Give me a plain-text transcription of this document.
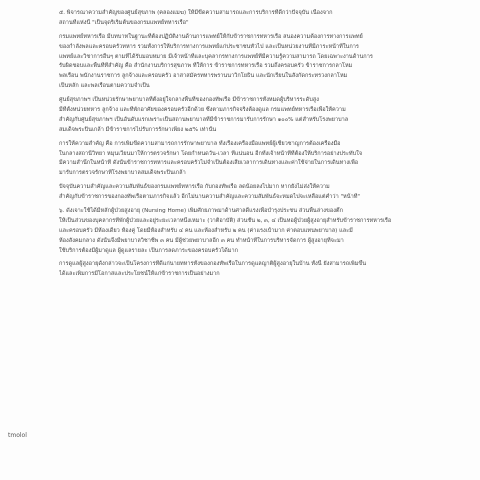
๕. พิจารณาความสำคัญของศูนย์สุขภาพ (คลองแมฆ) ให้มีขีดความสามารถและการบริการที่ดีกว่าปัจจุบัน เนื่องจาก
สถานที่แห่งนี้ "เป็นจุดริเริ่มต้นของกรมแพทย์ทหารเรือ"
กรมแพทย์ทหารเรือ มีบทบาทในฐานะที่ต้องปฏิบัติงานด้านการแพทย์ให้กับข้าราชการทหารเรือ สนองความต้องการทางการแพทย์
ของกำลังพลและครอบครัวทหาร รวมทั้งการให้บริการทางการแพทย์แก่ประชาชนทั่วไป และเป็นหน่วยงานที่มีภาระหน้าที่ในการ
แพทย์และวิชาการอื่นๆ ตามที่ได้รับมอบหมาย มีเจ้าหน้าที่และบุคลากรทางการแพทย์ที่มีความรู้ความสามารถ โดยเฉพาะงานด้านการ
รับผิดชอบและพื้นที่ที่สำคัญ คือ สำนักงานบริการสุขภาพ ที่ให้การ ข้าราชการทหารเรือ รวมถึงครอบครัว ข้าราชการกลาโหม
พลเรือน พนักงานราชการ ลูกจ้างและครอบครัว อาสาสมัครทหารพรานนาวิกโยธิน และนักเรียนในสังกัดกระทรวงกลาโหม
เป็นหลัก และพลเรือนตามความจำเป็น
ศูนย์สุขภาพฯ เป็นหน่วยรักษาพยาบาลที่ตั้งอยู่ใจกลางพื้นที่ของกองทัพเรือ มีข้าราชการทั้งหมดผู้บริหารระดับสูง
มีที่ตั้งหน่วยทหาร ลูกจ้าง และที่พักอาศัยของครอบครัวอีกด้วย ซึ่งตามภารกิจจริงต้องดูแล กรมแพทย์ทหารเรือเพื่อให้ความ
สำคัญกับศูนย์สุขภาพฯ เป็นอันดับแรกเพราะเป็นสถานพยาบาลที่มีข้าราชการมารับการรักษา ๑๐๐% แต่สำหรับโรงพยาบาล
สมเด็จพระปิ่นเกล้า มีข้าราชการไปรับการรักษาเพียง ๒๕% เท่านั้น
การให้ความสำคัญ คือ การเพิ่มขีดความสามารถการรักษาพยาบาล ทั้งเรื่องเครื่องมือแพทย์ผู้เชี่ยวชาญการต้องเครื่องมือ
ในกลางสถานีวิทยา หมุนเวียนมาให้การตรวจรักษา โดยกำหนดวัน-เวลา ที่แน่นอน อีกทั้งเจ้าหน้าที่ที่ต้องให้บริการอย่างประทับใจ
มีความสำนึกในหน้าที่ ดังนั้นข้าราชการทหารและครอบครัวไม่จำเป็นต้องเสียเวลาการเดินทางและค่าใช้จ่ายในการเดินทางเพื่อ
มารับการตรวจรักษาที่โรงพยาบาลสมเด็จพระปิ่นเกล้า
ปัจจุบันความสำคัญและความสัมพันธ์ของกรมแพทย์ทหารเรือ กับกองทัพเรือ ลดน้อยลงไปมาก หากยังไม่ส่งให้ความ
สำคัญกับข้าราชการของกองทัพเรือตามภารกิจแล้ว อีกไม่นานความสำคัญและความสัมพันธ์จะหมดไปจะเหลือแต่คำว่า "หน้าที่"
๖. ดังเจาะใช้ได้มีหลักผู้ป่วยสูงอายุ (Nursing Home) เพิ่มศักยภาพมาด้านศาลดีแรงเพื่อบำรุงประชน ส่วนพื้นล่างของตึก
ให้เป็นส่วนของบุคลากรที่พักผู้ป่วยและอยู่ระยะเวลาหนึ่งเหมาะ (วาติอาบัติ) ส่วนชั้น ๒, ๓, ๔ เป็นหอผู้ป่วยผู้สูงอายุสำหรับข้าราชการทหารเรือ
และครอบครัว มีห้องเดียว ห้องคู่ โดยมีห้องสำหรับ ๔ คน และห้องสำหรับ ๒ คน (ค่าแรงเบ้ามาก ค่าตอบแทนพยาบาล) และมี
ห้องสังคมกลาง ดังนั้นจึงมีพยาบาลวิชาชีพ ๓ คน มีผู้ช่วยพยาบาลอีก ๓ คน ทำหน้าที่ในการบริหารจัดการ ผู้สูงอายุที่จะมา
ใช้บริการต้องมีผู้มาดูแล ผู้ดูแลรายละ เป็นการลดภาระของครอบครัวได้มาก
การดูแลผู้สูงอายุดังกล่าวจะเป็นโครงการที่ดีแก่นายทหารทั้งของกองทัพเรือในการดูแลญาติผู้สูงอายุในบ้าน ทั้งนี้ ยังสามารถเพิ่มขึ้น
ได้และเพิ่มการมีโอกาสและประโยชน์ให้แก่ข้าราชการเป็นอย่างมาก
tmolol
